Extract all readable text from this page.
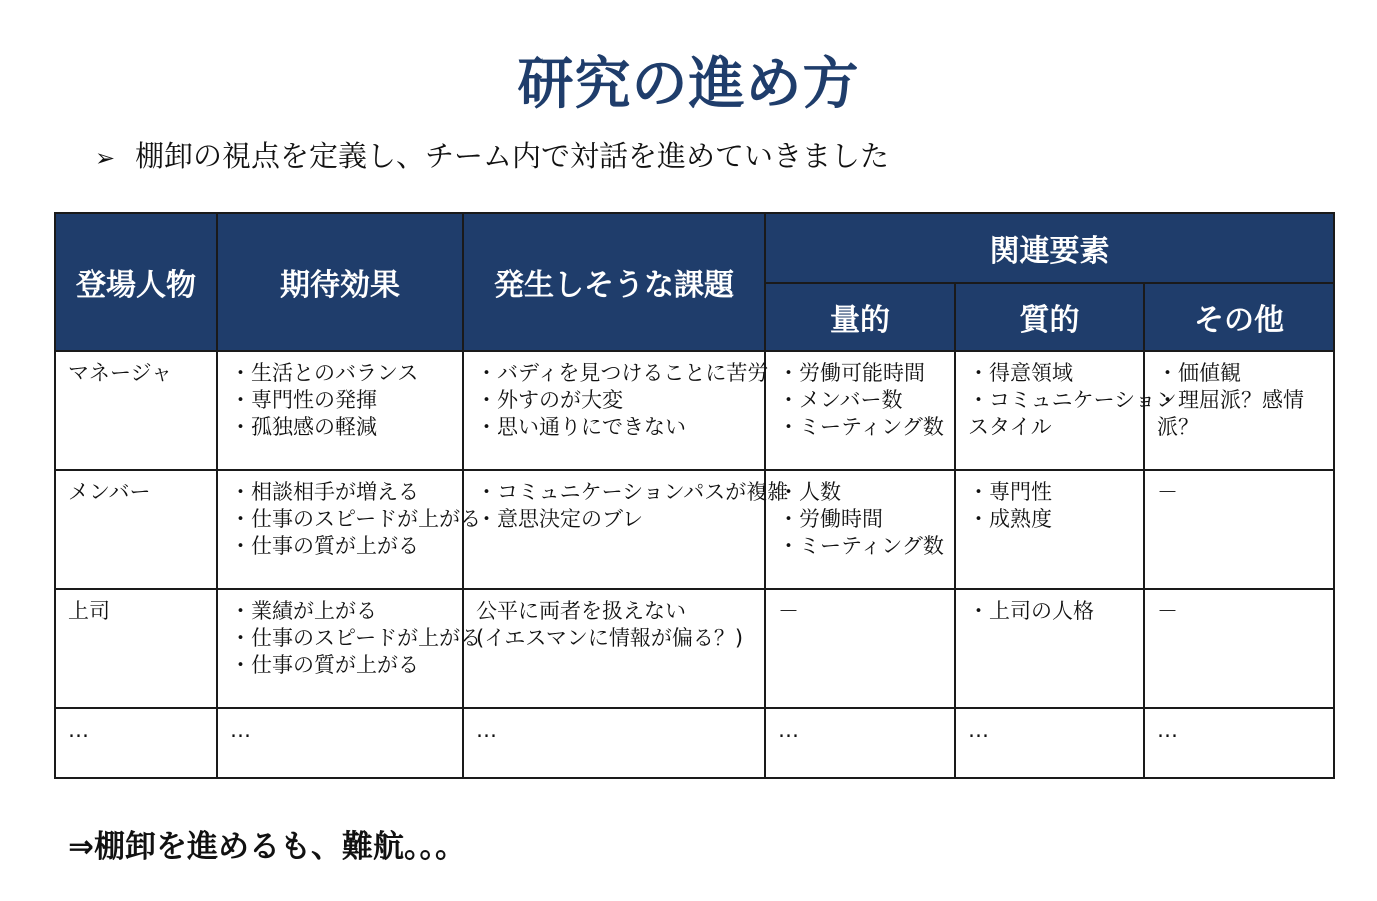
研究の進め方
➢ 棚卸の視点を定義し、チーム内で対話を進めていきました
登場人物	期待効果	発生しそうな課題	関連要素		
			量的	質的	その他

マネージャ	・生活とのバランス
・専門性の発揮
・孤独感の軽減	・バディを見つけることに苦労
・外すのが大変
・思い通りにできない	・労働可能時間
・メンバー数
・ミーティング数	・得意領域
・コミュニケーション
スタイル	・価値観
・理屈派？感情
派？

メンバー	・相談相手が増える
・仕事のスピードが上がる
・仕事の質が上がる	・コミュニケーションパスが複雑
・意思決定のブレ	・人数
・労働時間
・ミーティング数	・専門性
・成熟度	－

上司	・業績が上がる
・仕事のスピードが上がる
・仕事の質が上がる	公平に両者を扱えない
(イエスマンに情報が偏る？)	－	・上司の人格	－

…	…	…	…	…	…
⇒棚卸を進めるも、難航。。。
